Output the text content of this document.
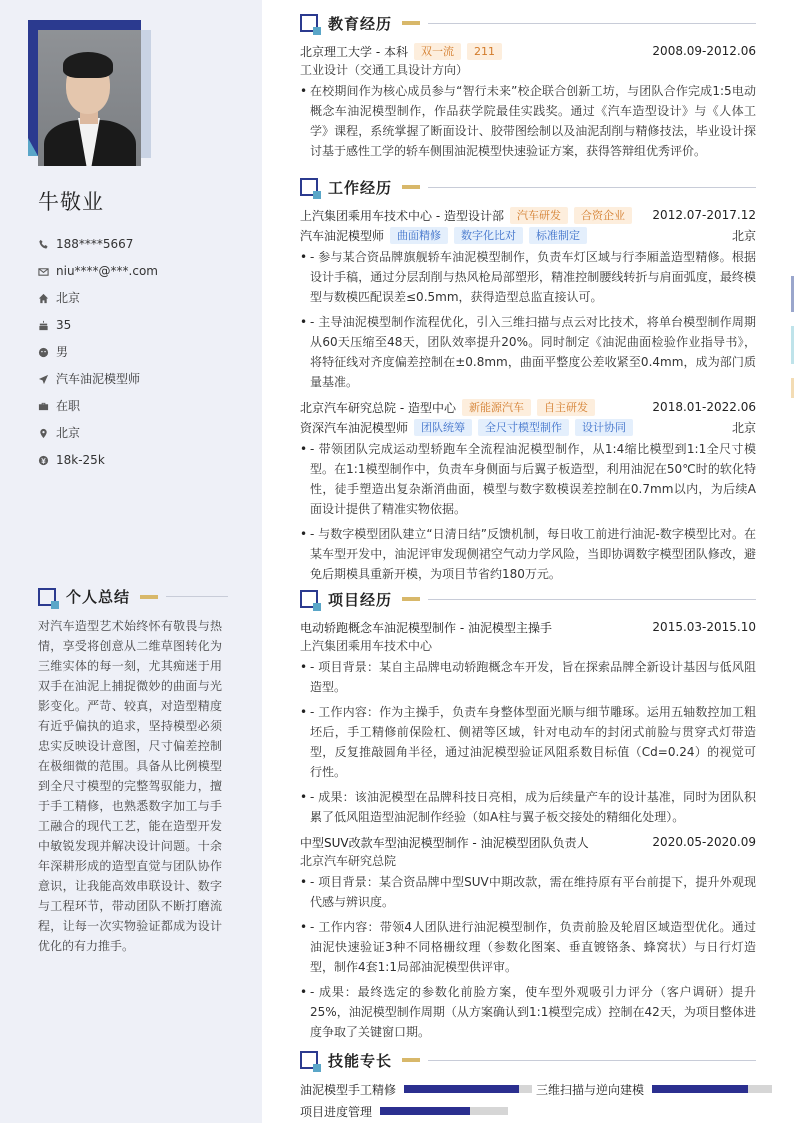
牛敬业
188****5667
niu****@***.com
北京
35
男
汽车油泥模型师
在职
北京
18k-25k
个人总结
对汽车造型艺术始终怀有敬畏与热情，享受将创意从二维草图转化为三维实体的每一刻，尤其痴迷于用双手在油泥上捕捉微妙的曲面与光影变化。严苛、较真，对造型精度有近乎偏执的追求，坚持模型必须忠实反映设计意图，尺寸偏差控制在极细微的范围。具备从比例模型到全尺寸模型的完整驾驭能力，擅于手工精修，也熟悉数字加工与手工融合的现代工艺，能在造型开发中敏锐发现并解决设计问题。十余年深耕形成的造型直觉与团队协作意识，让我能高效串联设计、数字与工程环节，带动团队不断打磨流程，让每一次实物验证都成为设计优化的有力推手。
教育经历
北京理工大学 - 本科	双一流	211	2008.09-2012.06
工业设计（交通工具设计方向）
• 在校期间作为核心成员参与“智行未来”校企联合创新工坊，与团队合作完成1:5电动概念车油泥模型制作，作品获学院最佳实践奖。通过《汽车造型设计》与《人体工学》课程，系统掌握了断面设计、胶带图绘制以及油泥刮削与精修技法，毕业设计探讨基于感性工学的轿车侧围油泥模型快速验证方案，获得答辩组优秀评价。
工作经历
上汽集团乘用车技术中心 - 造型设计部	汽车研发	合资企业	2012.07-2017.12
汽车油泥模型师	曲面精修	数字化比对	标准制定	北京
• - 参与某合资品牌旗舰轿车油泥模型制作，负责车灯区域与行李厢盖造型精修。根据设计手稿，通过分层刮削与热风枪局部塑形，精准控制腰线转折与肩面弧度，最终模型与数模匹配误差≤0.5mm，获得造型总监直接认可。
• - 主导油泥模型制作流程优化，引入三维扫描与点云对比技术，将单台模型制作周期从60天压缩至48天，团队效率提升20%。同时制定《油泥曲面检验作业指导书》，将特征线对齐度偏差控制在±0.8mm，曲面平整度公差收紧至0.4mm，成为部门质量基准。
北京汽车研究总院 - 造型中心	新能源汽车	自主研发	2018.01-2022.06
资深汽车油泥模型师	团队统筹	全尺寸模型制作	设计协同	北京
• - 带领团队完成运动型轿跑车全流程油泥模型制作，从1:4缩比模型到1:1全尺寸模型。在1:1模型制作中，负责车身侧面与后翼子板造型，利用油泥在50℃时的软化特性，徒手塑造出复杂渐消曲面，模型与数字数模误差控制在0.7mm以内，为后续A面设计提供了精准实物依据。
• - 与数字模型团队建立“日清日结”反馈机制，每日收工前进行油泥-数字模型比对。在某车型开发中，油泥评审发现侧裙空气动力学风险，当即协调数字模型团队修改，避免后期模具重新开模，为项目节省约180万元。
项目经历
电动轿跑概念车油泥模型制作 - 油泥模型主操手	2015.03-2015.10
上汽集团乘用车技术中心
• - 项目背景：某自主品牌电动轿跑概念车开发，旨在探索品牌全新设计基因与低风阻造型。
• - 工作内容：作为主操手，负责车身整体型面光顺与细节雕琢。运用五轴数控加工粗坯后，手工精修前保险杠、侧裙等区域，针对电动车的封闭式前脸与贯穿式灯带造型，反复推敲圆角半径，通过油泥模型验证风阻系数目标值（Cd=0.24）的视觉可行性。
• - 成果：该油泥模型在品牌科技日亮相，成为后续量产车的设计基准，同时为团队积累了低风阻造型油泥制作经验（如A柱与翼子板交接处的精细化处理）。
中型SUV改款车型油泥模型制作 - 油泥模型团队负责人	2020.05-2020.09
北京汽车研究总院
• - 项目背景：某合资品牌中型SUV中期改款，需在维持原有平台前提下，提升外观现代感与辨识度。
• - 工作内容：带领4人团队进行油泥模型制作，负责前脸及轮眉区域造型优化。通过油泥快速验证3种不同格栅纹理（参数化图案、垂直镀铬条、蜂窝状）与日行灯造型，制作4套1:1局部油泥模型供评审。
• - 成果：最终选定的参数化前脸方案，使车型外观吸引力评分（客户调研）提升25%，油泥模型制作周期（从方案确认到1:1模型完成）控制在42天，为项目整体进度争取了关键窗口期。
技能专长
油泥模型手工精修	三维扫描与逆向建模
项目进度管理
